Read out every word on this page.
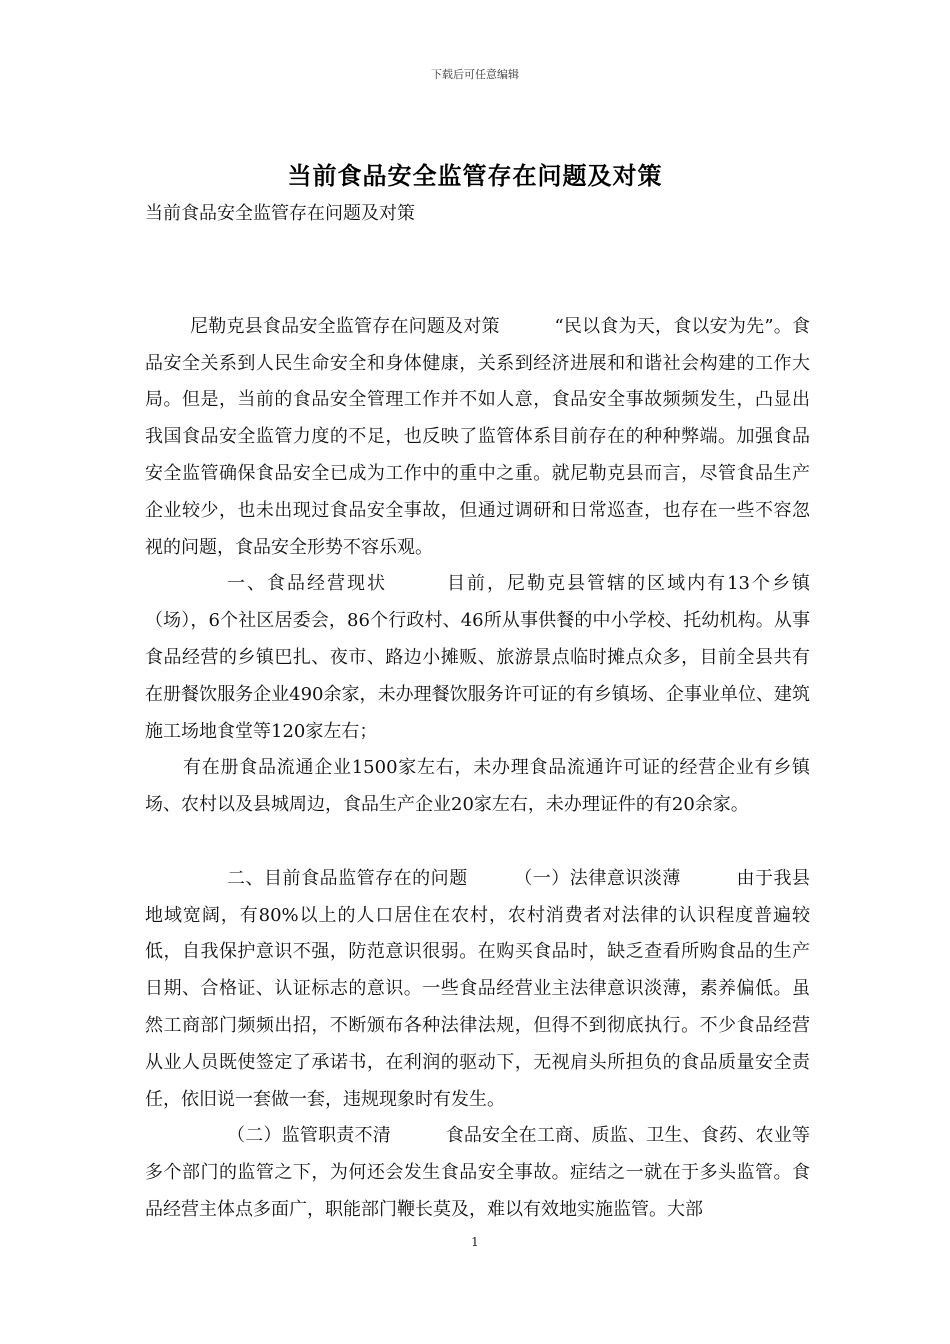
下载后可任意编辑
当前食品安全监管存在问题及对策
当前食品安全监管存在问题及对策

尼勒克县食品安全监管存在问题及对策　　　“民以食为天，食以安为先”。食品安全关系到人民生命安全和身体健康，关系到经济进展和和谐社会构建的工作大局。但是，当前的食品安全管理工作并不如人意，食品安全事故频频发生，凸显出我国食品安全监管力度的不足，也反映了监管体系目前存在的种种弊端。加强食品安全监管确保食品安全已成为工作中的重中之重。就尼勒克县而言，尽管食品生产企业较少，也未出现过食品安全事故，但通过调研和日常巡查，也存在一些不容忽视的问题，食品安全形势不容乐观。

一、食品经营现状　　　目前，尼勒克县管辖的区域内有13个乡镇（场），6个社区居委会，86个行政村、46所从事供餐的中小学校、托幼机构。从事食品经营的乡镇巴扎、夜市、路边小摊贩、旅游景点临时摊点众多，目前全县共有在册餐饮服务企业490余家，未办理餐饮服务许可证的有乡镇场、企事业单位、建筑施工场地食堂等120家左右；

有在册食品流通企业1500家左右，未办理食品流通许可证的经营企业有乡镇场、农村以及县城周边，食品生产企业20家左右，未办理证件的有20余家。

二、目前食品监管存在的问题　　　（一）法律意识淡薄　　　由于我县地域宽阔，有80%以上的人口居住在农村，农村消费者对法律的认识程度普遍较低，自我保护意识不强，防范意识很弱。在购买食品时，缺乏查看所购食品的生产日期、合格证、认证标志的意识。一些食品经营业主法律意识淡薄，素养偏低。虽然工商部门频频出招，不断颁布各种法律法规，但得不到彻底执行。不少食品经营从业人员既使签定了承诺书，在利润的驱动下，无视肩头所担负的食品质量安全责任，依旧说一套做一套，违规现象时有发生。

（二）监管职责不清　　　食品安全在工商、质监、卫生、食药、农业等多个部门的监管之下，为何还会发生食品安全事故。症结之一就在于多头监管。食品经营主体点多面广，职能部门鞭长莫及，难以有效地实施监管。大部

1
